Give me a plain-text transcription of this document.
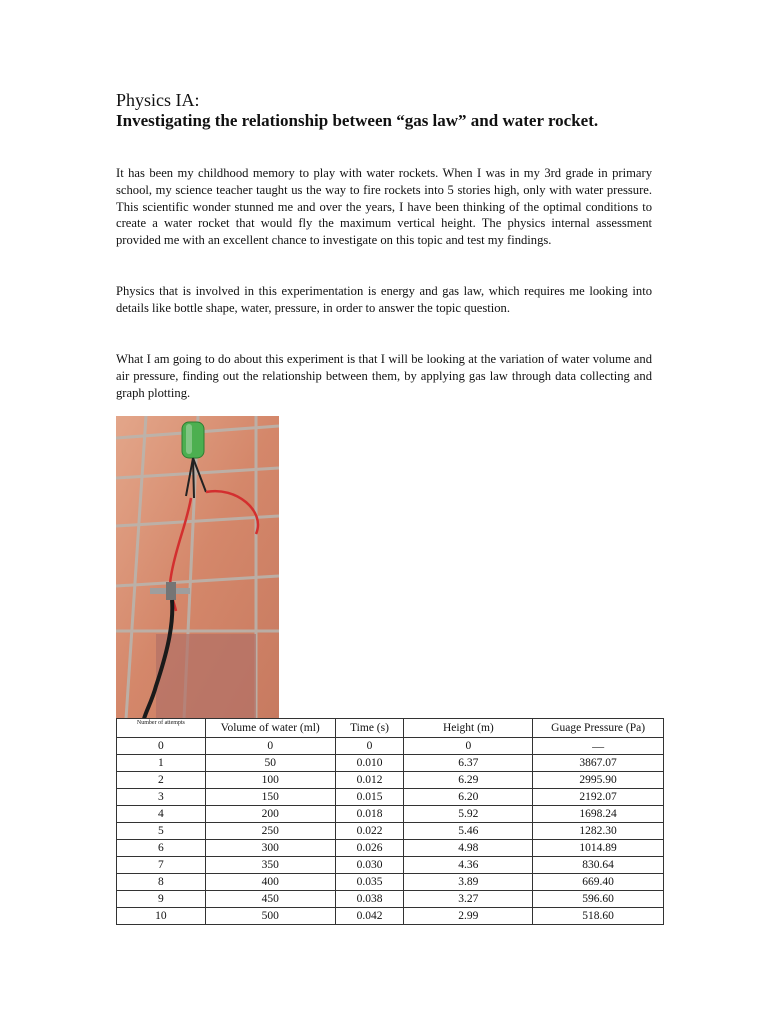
Physics IA:
Investigating the relationship between “gas law” and water rocket.

It has been my childhood memory to play with water rockets. When I was in my 3rd grade in primary school, my science teacher taught us the way to fire rockets into 5 stories high, only with water pressure. This scientific wonder stunned me and over the years, I have been thinking of the optimal conditions to create a water rocket that would fly the maximum vertical height. The physics internal assessment provided me with an excellent chance to investigate on this topic and test my findings.

Physics that is involved in this experimentation is energy and gas law, which requires me looking into details like bottle shape, water, pressure, in order to answer the topic question.

What I am going to do about this experiment is that I will be looking at the variation of water volume and air pressure, finding out the relationship between them, by applying gas law through data collecting and graph plotting.

Number of attempts	Volume of water (ml)	Time (s)	Height (m)	Guage Pressure (Pa)
0	0	0	0	—
1	50	0.010	6.37	3867.07
2	100	0.012	6.29	2995.90
3	150	0.015	6.20	2192.07
4	200	0.018	5.92	1698.24
5	250	0.022	5.46	1282.30
6	300	0.026	4.98	1014.89
7	350	0.030	4.36	830.64
8	400	0.035	3.89	669.40
9	450	0.038	3.27	596.60
10	500	0.042	2.99	518.60
